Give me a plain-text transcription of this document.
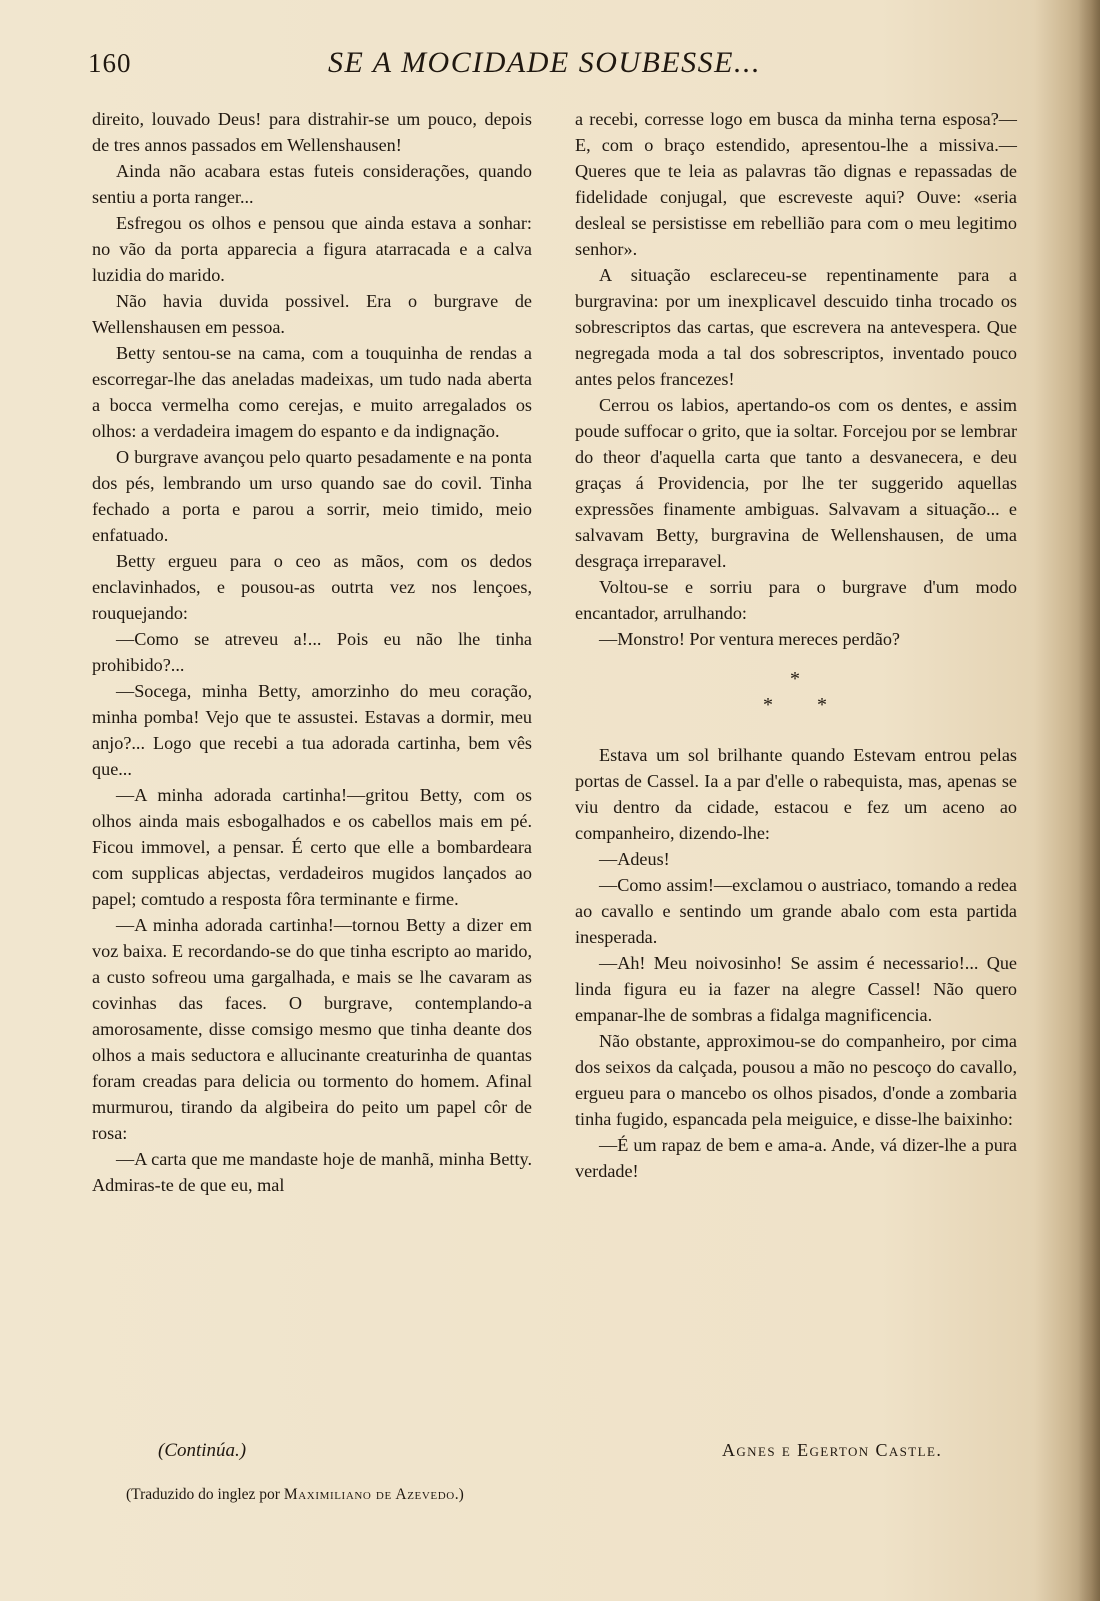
160	SE A MOCIDADE SOUBESSE...

direito, louvado Deus! para distrahir-se um pouco, depois de tres annos passados em Wellenshausen!

Ainda não acabara estas futeis considerações, quando sentiu a porta ranger...

Esfregou os olhos e pensou que ainda estava a sonhar: no vão da porta apparecia a figura atarracada e a calva luzidia do marido.

Não havia duvida possivel. Era o burgrave de Wellenshausen em pessoa.

Betty sentou-se na cama, com a touquinha de rendas a escorregar-lhe das aneladas madeixas, um tudo nada aberta a bocca vermelha como cerejas, e muito arregalados os olhos: a verdadeira imagem do espanto e da indignação.

O burgrave avançou pelo quarto pesadamente e na ponta dos pés, lembrando um urso quando sae do covil. Tinha fechado a porta e parou a sorrir, meio timido, meio enfatuado.

Betty ergueu para o ceo as mãos, com os dedos enclavinhados, e pousou-as outrta vez nos lençoes, rouquejando:

—Como se atreveu a!... Pois eu não lhe tinha prohibido?...

—Socega, minha Betty, amorzinho do meu coração, minha pomba! Vejo que te assustei. Estavas a dormir, meu anjo?... Logo que recebi a tua adorada cartinha, bem vês que...

—A minha adorada cartinha!—gritou Betty, com os olhos ainda mais esbogalhados e os cabellos mais em pé. Ficou immovel, a pensar. É certo que elle a bombardeara com supplicas abjectas, verdadeiros mugidos lançados ao papel; comtudo a resposta fôra terminante e firme.

—A minha adorada cartinha!—tornou Betty a dizer em voz baixa. E recordando-se do que tinha escripto ao marido, a custo sofreou uma gargalhada, e mais se lhe cavaram as covinhas das faces. O burgrave, contemplando-a amorosamente, disse comsigo mesmo que tinha deante dos olhos a mais seductora e allucinante creaturinha de quantas foram creadas para delicia ou tormento do homem. Afinal murmurou, tirando da algibeira do peito um papel côr de rosa:

—A carta que me mandaste hoje de manhã, minha Betty. Admiras-te de que eu, mal

a recebi, corresse logo em busca da minha terna esposa?—E, com o braço estendido, apresentou-lhe a missiva.—Queres que te leia as palavras tão dignas e repassadas de fidelidade conjugal, que escreveste aqui? Ouve: «seria desleal se persistisse em rebellião para com o meu legitimo senhor».

A situação esclareceu-se repentinamente para a burgravina: por um inexplicavel descuido tinha trocado os sobrescriptos das cartas, que escrevera na antevespera. Que negregada moda a tal dos sobrescriptos, inventado pouco antes pelos francezes!

Cerrou os labios, apertando-os com os dentes, e assim poude suffocar o grito, que ia soltar. Forcejou por se lembrar do theor d'aquella carta que tanto a desvanecera, e deu graças á Providencia, por lhe ter suggerido aquellas expressões finamente ambiguas. Salvavam a situação... e salvavam Betty, burgravina de Wellenshausen, de uma desgraça irreparavel.

Voltou-se e sorriu para o burgrave d'um modo encantador, arrulhando:

—Monstro! Por ventura mereces perdão?

*
* *

Estava um sol brilhante quando Estevam entrou pelas portas de Cassel. Ia a par d'elle o rabequista, mas, apenas se viu dentro da cidade, estacou e fez um aceno ao companheiro, dizendo-lhe:

—Adeus!

—Como assim!—exclamou o austriaco, tomando a redea ao cavallo e sentindo um grande abalo com esta partida inesperada.

—Ah! Meu noivosinho! Se assim é necessario!... Que linda figura eu ia fazer na alegre Cassel! Não quero empanar-lhe de sombras a fidalga magnificencia.

Não obstante, approximou-se do companheiro, por cima dos seixos da calçada, pousou a mão no pescoço do cavallo, ergueu para o mancebo os olhos pisados, d'onde a zombaria tinha fugido, espancada pela meiguice, e disse-lhe baixinho:

—É um rapaz de bem e ama-a. Ande, vá dizer-lhe a pura verdade!

(Continúa.)	Agnes e Egerton Castle.
(Traduzido do inglez por Maximiliano de Azevedo.)
